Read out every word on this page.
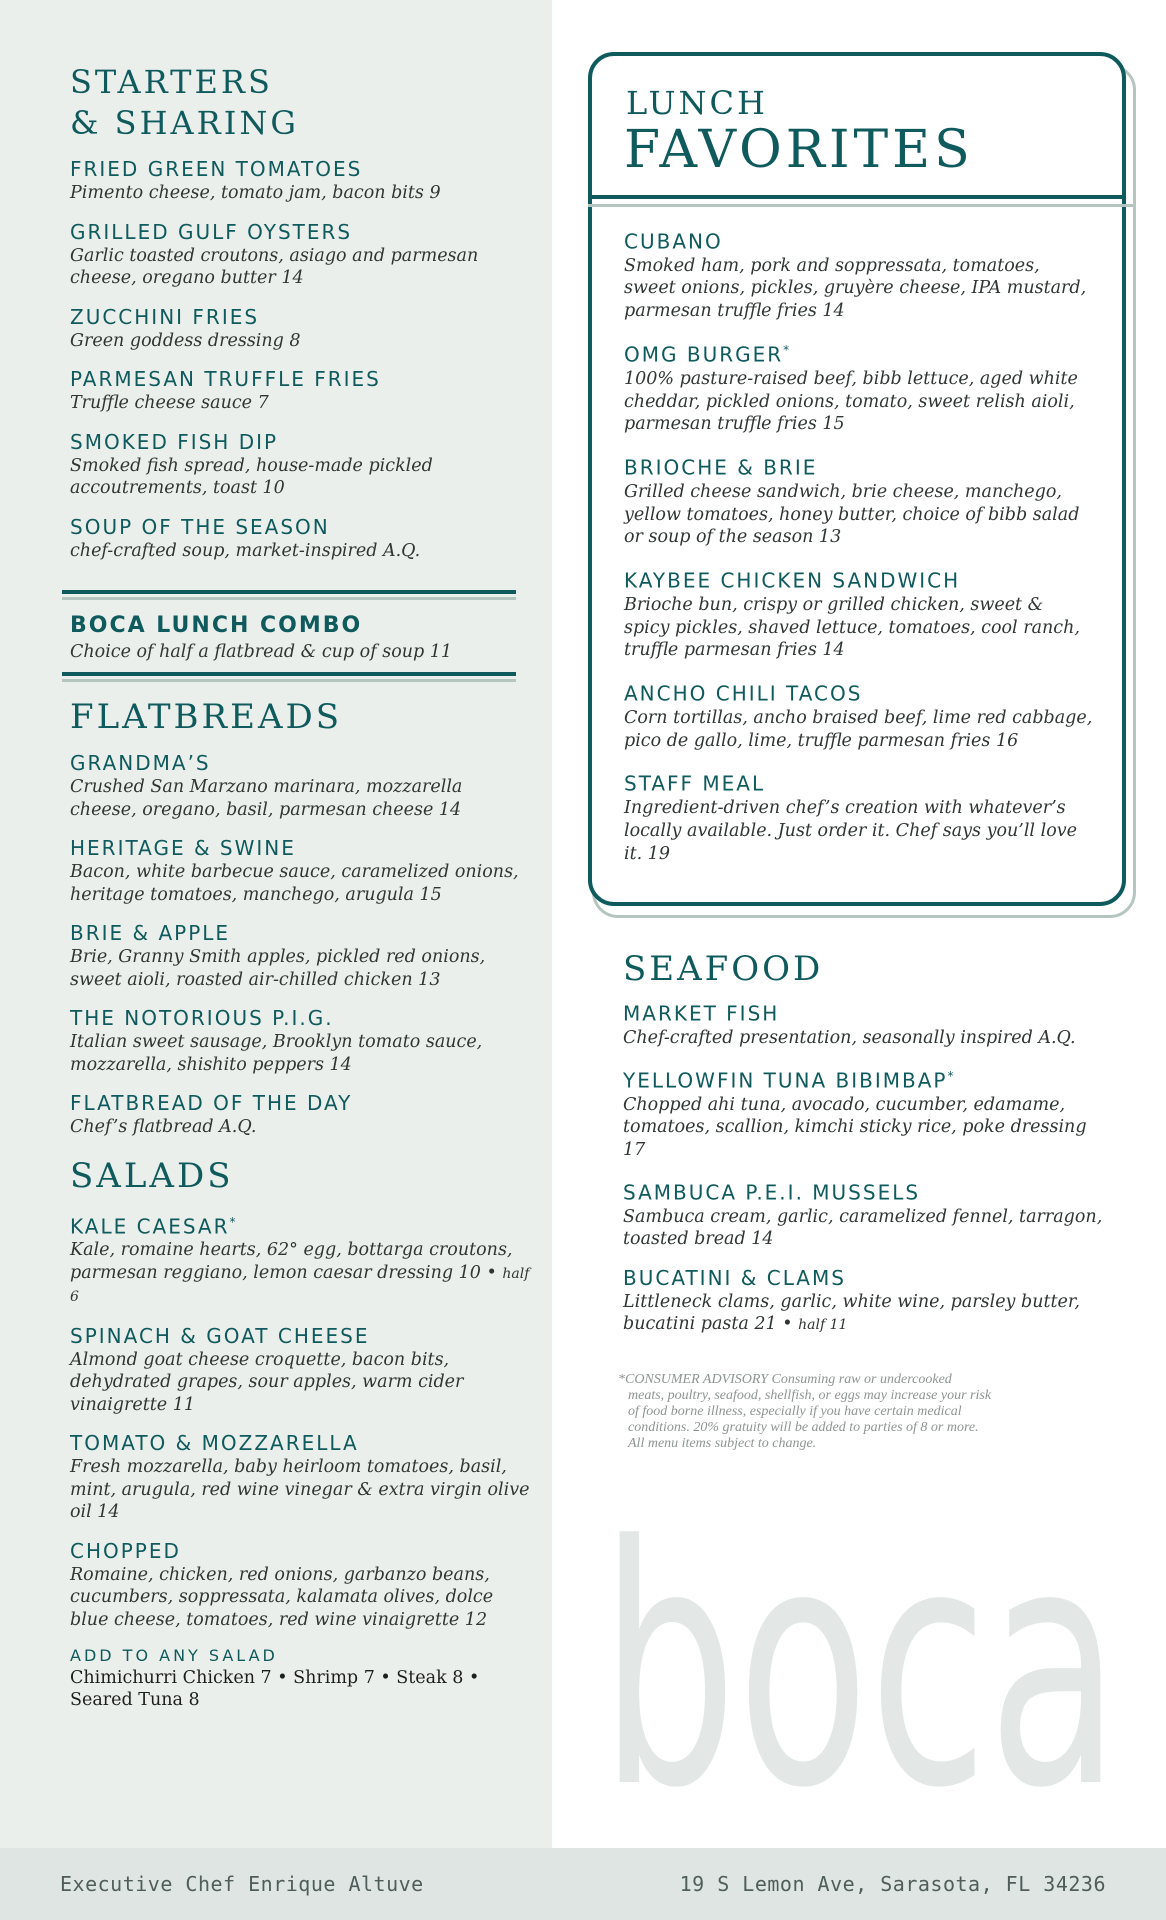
boca
STARTERS
& SHARING

FRIED GREEN TOMATOES

Pimento cheese, tomato jam, bacon bits 9

GRILLED GULF OYSTERS

Garlic toasted croutons, asiago and parmesan cheese, oregano butter 14

ZUCCHINI FRIES

Green goddess dressing 8

PARMESAN TRUFFLE FRIES

Truffle cheese sauce 7

SMOKED FISH DIP

Smoked fish spread, house-made pickled accoutrements, toast 10

SOUP OF THE SEASON

chef-crafted soup, market-inspired A.Q.

BOCA LUNCH COMBO

Choice of half a flatbread & cup of soup 11

FLATBREADS

GRANDMA’S

Crushed San Marzano marinara, mozzarella cheese, oregano, basil, parmesan cheese 14

HERITAGE & SWINE

Bacon, white barbecue sauce, caramelized onions, heritage tomatoes, manchego, arugula 15

BRIE & APPLE

Brie, Granny Smith apples, pickled red onions, sweet aioli, roasted air-chilled chicken 13

THE NOTORIOUS P.I.G.

Italian sweet sausage, Brooklyn tomato sauce, mozzarella, shishito peppers 14

FLATBREAD OF THE DAY

Chef’s flatbread A.Q.

SALADS

KALE CAESAR*

Kale, romaine hearts, 62° egg, bottarga croutons, parmesan reggiano, lemon caesar dressing 10 • half 6

SPINACH & GOAT CHEESE

Almond goat cheese croquette, bacon bits, dehydrated grapes, sour apples, warm cider vinaigrette 11

TOMATO & MOZZARELLA

Fresh mozzarella, baby heirloom tomatoes, basil, mint, arugula, red wine vinegar & extra virgin olive oil 14

CHOPPED

Romaine, chicken, red onions, garbanzo beans, cucumbers, soppressata, kalamata olives, dolce blue cheese, tomatoes, red wine vinaigrette 12

ADD TO ANY SALAD

Chimichurri Chicken 7 • Shrimp 7 • Steak 8 • Seared Tuna 8

LUNCH
FAVORITES

CUBANO

Smoked ham, pork and soppressata, tomatoes, sweet onions, pickles, gruyère cheese, IPA mustard, parmesan truffle fries 14

OMG BURGER*

100% pasture-raised beef, bibb lettuce, aged white cheddar, pickled onions, tomato, sweet relish aioli, parmesan truffle fries 15

BRIOCHE & BRIE

Grilled cheese sandwich, brie cheese, manchego, yellow tomatoes, honey butter, choice of bibb salad or soup of the season 13

KAYBEE CHICKEN SANDWICH

Brioche bun, crispy or grilled chicken, sweet & spicy pickles, shaved lettuce, tomatoes, cool ranch, truffle parmesan fries 14

ANCHO CHILI TACOS

Corn tortillas, ancho braised beef, lime red cabbage, pico de gallo, lime, truffle parmesan fries 16

STAFF MEAL

Ingredient-driven chef’s creation with whatever’s locally available. Just order it. Chef says you’ll love it. 19

SEAFOOD

MARKET FISH

Chef-crafted presentation, seasonally inspired A.Q.

YELLOWFIN TUNA BIBIMBAP*

Chopped ahi tuna, avocado, cucumber, edamame, tomatoes, scallion, kimchi sticky rice, poke dressing 17

SAMBUCA P.E.I. MUSSELS

Sambuca cream, garlic, caramelized fennel, tarragon, toasted bread 14

BUCATINI & CLAMS

Littleneck clams, garlic, white wine, parsley butter, bucatini pasta 21 • half 11

*CONSUMER ADVISORY Consuming raw or undercooked
meats, poultry, seafood, shellfish, or eggs may increase your risk
of food borne illness, especially if you have certain medical
conditions. 20% gratuity will be added to parties of 8 or more.
All menu items subject to change.
Executive Chef Enrique Altuve	19 S Lemon Ave, Sarasota, FL 34236
